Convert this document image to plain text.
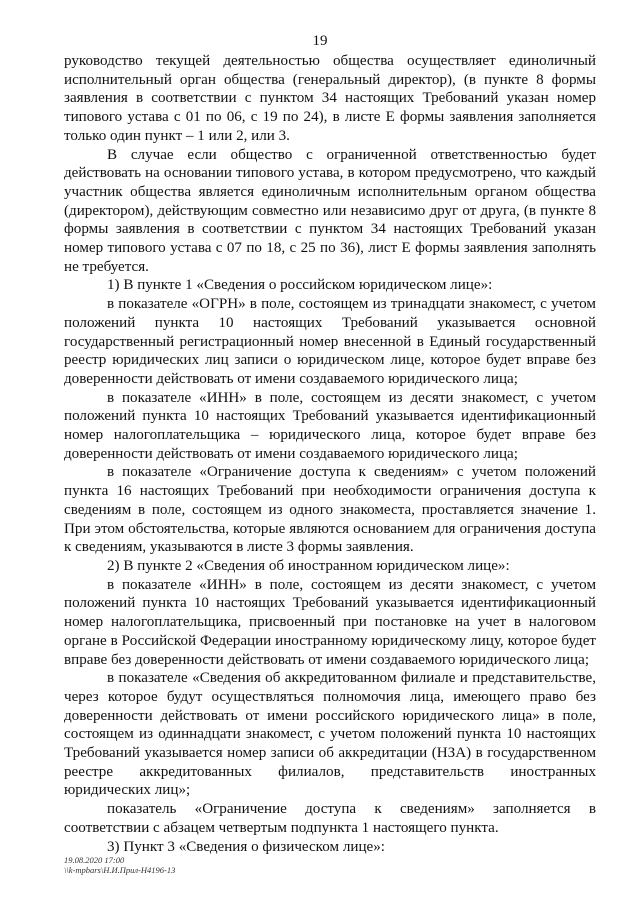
19

руководство текущей деятельностью общества осуществляет единоличный исполнительный орган общества (генеральный директор), (в пункте 8 формы заявления в соответствии с пунктом 34 настоящих Требований указан номер типового устава с 01 по 06, с 19 по 24), в листе Е формы заявления заполняется только один пункт – 1 или 2, или 3.

В случае если общество с ограниченной ответственностью будет действовать на основании типового устава, в котором предусмотрено, что каждый участник общества является единоличным исполнительным органом общества (директором), действующим совместно или независимо друг от друга, (в пункте 8 формы заявления в соответствии с пунктом 34 настоящих Требований указан номер типового устава с 07 по 18, с 25 по 36), лист Е формы заявления заполнять не требуется.

1) В пункте 1 «Сведения о российском юридическом лице»:

в показателе «ОГРН» в поле, состоящем из тринадцати знакомест, с учетом положений пункта 10 настоящих Требований указывается основной государственный регистрационный номер внесенной в Единый государственный реестр юридических лиц записи о юридическом лице, которое будет вправе без доверенности действовать от имени создаваемого юридического лица;

в показателе «ИНН» в поле, состоящем из десяти знакомест, с учетом положений пункта 10 настоящих Требований указывается идентификационный номер налогоплательщика – юридического лица, которое будет вправе без доверенности действовать от имени создаваемого юридического лица;

в показателе «Ограничение доступа к сведениям» с учетом положений пункта 16 настоящих Требований при необходимости ограничения доступа к сведениям в поле, состоящем из одного знакоместа, проставляется значение 1. При этом обстоятельства, которые являются основанием для ограничения доступа к сведениям, указываются в листе 3 формы заявления.

2) В пункте 2 «Сведения об иностранном юридическом лице»:

в показателе «ИНН» в поле, состоящем из десяти знакомест, с учетом положений пункта 10 настоящих Требований указывается идентификационный номер налогоплательщика, присвоенный при постановке на учет в налоговом органе в Российской Федерации иностранному юридическому лицу, которое будет вправе без доверенности действовать от имени создаваемого юридического лица;

в показателе «Сведения об аккредитованном филиале и представительстве, через которое будут осуществляться полномочия лица, имеющего право без доверенности действовать от имени российского юридического лица» в поле, состоящем из одиннадцати знакомест, с учетом положений пункта 10 настоящих Требований указывается номер записи об аккредитации (НЗА) в государственном реестре аккредитованных филиалов, представительств иностранных юридических лиц»;

показатель «Ограничение доступа к сведениям» заполняется в соответствии с абзацем четвертым подпункта 1 настоящего пункта.

3) Пункт 3 «Сведения о физическом лице»:

19.08.2020 17:00
\\k-mpbars\Н.И.Прил-Н4196-13
